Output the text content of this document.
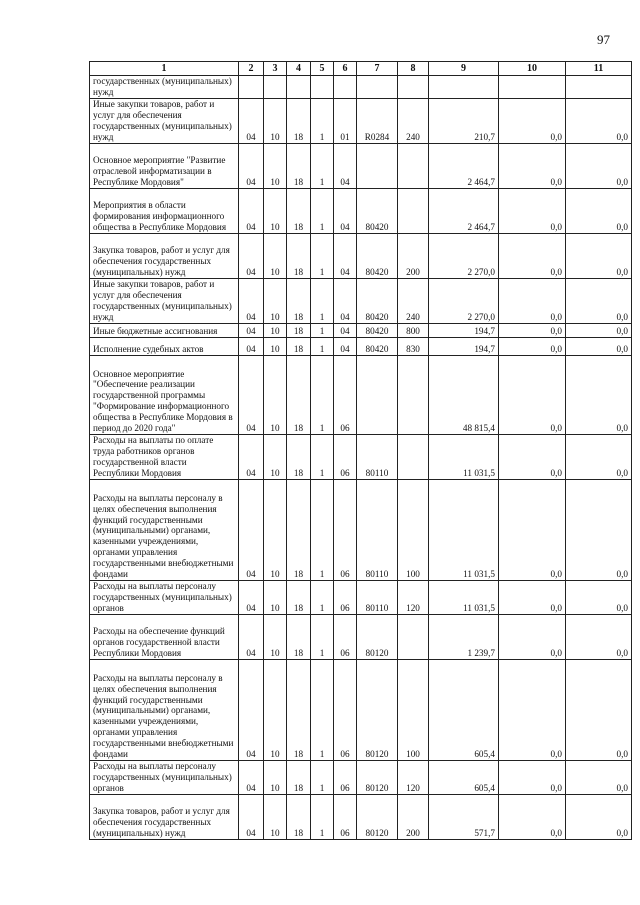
97
1	2	3	4	5	6	7	8	9	10	11
государственных (муниципальных) нужд										
Иные закупки товаров, работ и услуг для обеспечения государственных (муниципальных) нужд	04	10	18	1	01	R0284	240	210,7	0,0	0,0
Основное мероприятие "Развитие отраслевой информатизации в Республике Мордовия"	04	10	18	1	04			2 464,7	0,0	0,0
Мероприятия в области формирования информационного общества в Республике Мордовия	04	10	18	1	04	80420		2 464,7	0,0	0,0
Закупка товаров, работ и услуг для обеспечения государственных (муниципальных) нужд	04	10	18	1	04	80420	200	2 270,0	0,0	0,0
Иные закупки товаров, работ и услуг для обеспечения государственных (муниципальных) нужд	04	10	18	1	04	80420	240	2 270,0	0,0	0,0
Иные бюджетные ассигнования	04	10	18	1	04	80420	800	194,7	0,0	0,0
Исполнение судебных актов	04	10	18	1	04	80420	830	194,7	0,0	0,0
Основное мероприятие "Обеспечение реализации государственной программы "Формирование информационного общества в Республике Мордовия в период до 2020 года"	04	10	18	1	06			48 815,4	0,0	0,0
Расходы на выплаты по оплате труда работников органов государственной власти Республики Мордовия	04	10	18	1	06	80110		11 031,5	0,0	0,0
Расходы на выплаты персоналу в целях обеспечения выполнения функций государственными (муниципальными) органами, казенными учреждениями, органами управления государственными внебюджетными фондами	04	10	18	1	06	80110	100	11 031,5	0,0	0,0
Расходы на выплаты персоналу государственных (муниципальных) органов	04	10	18	1	06	80110	120	11 031,5	0,0	0,0
Расходы на обеспечение функций органов государственной власти Республики Мордовия	04	10	18	1	06	80120		1 239,7	0,0	0,0
Расходы на выплаты персоналу в целях обеспечения выполнения функций государственными (муниципальными) органами, казенными учреждениями, органами управления государственными внебюджетными фондами	04	10	18	1	06	80120	100	605,4	0,0	0,0
Расходы на выплаты персоналу государственных (муниципальных) органов	04	10	18	1	06	80120	120	605,4	0,0	0,0
Закупка товаров, работ и услуг для обеспечения государственных (муниципальных) нужд	04	10	18	1	06	80120	200	571,7	0,0	0,0
